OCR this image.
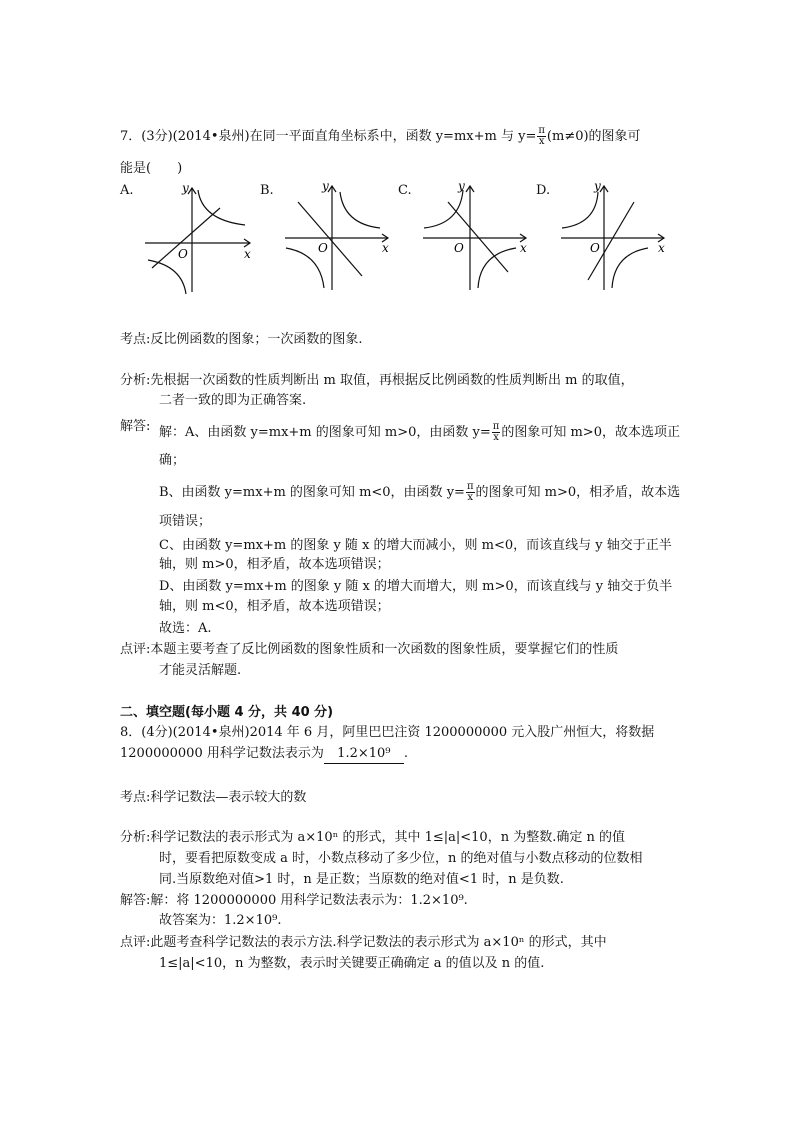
7．(3分)(2014•泉州)在同一平面直角坐标系中，函数 y=mx+m 与 $y= \frac{\pi}{x} (m\ne 0)$的图象可
能是(　　)
A.	B.	C.	D.
y
x
O
y
x
O
y
x
O
y
x
O
考点:反比例函数的图象；一次函数的图象.
分析:先根据一次函数的性质判断出 m 取值，再根据反比例函数的性质判断出 m 的取值，
二者一致的即为正确答案.
解答: 解：A、由函数 y=mx+m 的图象可知 m>0，由函数 $y= \frac{\pi}{x}$ 的图象可知 m>0，故本选项正
确；
B、由函数 y=mx+m 的图象可知 m<0，由函数 $y= \frac{\pi}{x}$ 的图象可知 m>0，相矛盾，故本选
项错误；
C、由函数 y=mx+m 的图象 y 随 x 的增大而减小，则 m<0，而该直线与 y 轴交于正半
轴，则 m>0，相矛盾，故本选项错误；
D、由函数 y=mx+m 的图象 y 随 x 的增大而增大，则 m>0，而该直线与 y 轴交于负半
轴，则 m<0，相矛盾，故本选项错误；
故选：A.
点评:本题主要考查了反比例函数的图象性质和一次函数的图象性质，要掌握它们的性质
才能灵活解题.
二、填空题(每小题 4 分，共 40 分)
8．(4分)(2014•泉州)2014 年 6 月，阿里巴巴注资 1200000000 元入股广州恒大，将数据
1200000000 用科学记数法表示为 1.2×10⁹ .
考点:科学记数法—表示较大的数
分析:科学记数法的表示形式为 a×10ⁿ 的形式，其中 1≤|a|<10，n 为整数.确定 n 的值
时，要看把原数变成 a 时，小数点移动了多少位，n 的绝对值与小数点移动的位数相
同.当原数绝对值>1 时，n 是正数；当原数的绝对值<1 时，n 是负数.
解答:解：将 1200000000 用科学记数法表示为：1.2×10⁹.
故答案为：1.2×10⁹.
点评:此题考查科学记数法的表示方法.科学记数法的表示形式为 a×10ⁿ 的形式，其中
1≤|a|<10，n 为整数，表示时关键要正确确定 a 的值以及 n 的值.
